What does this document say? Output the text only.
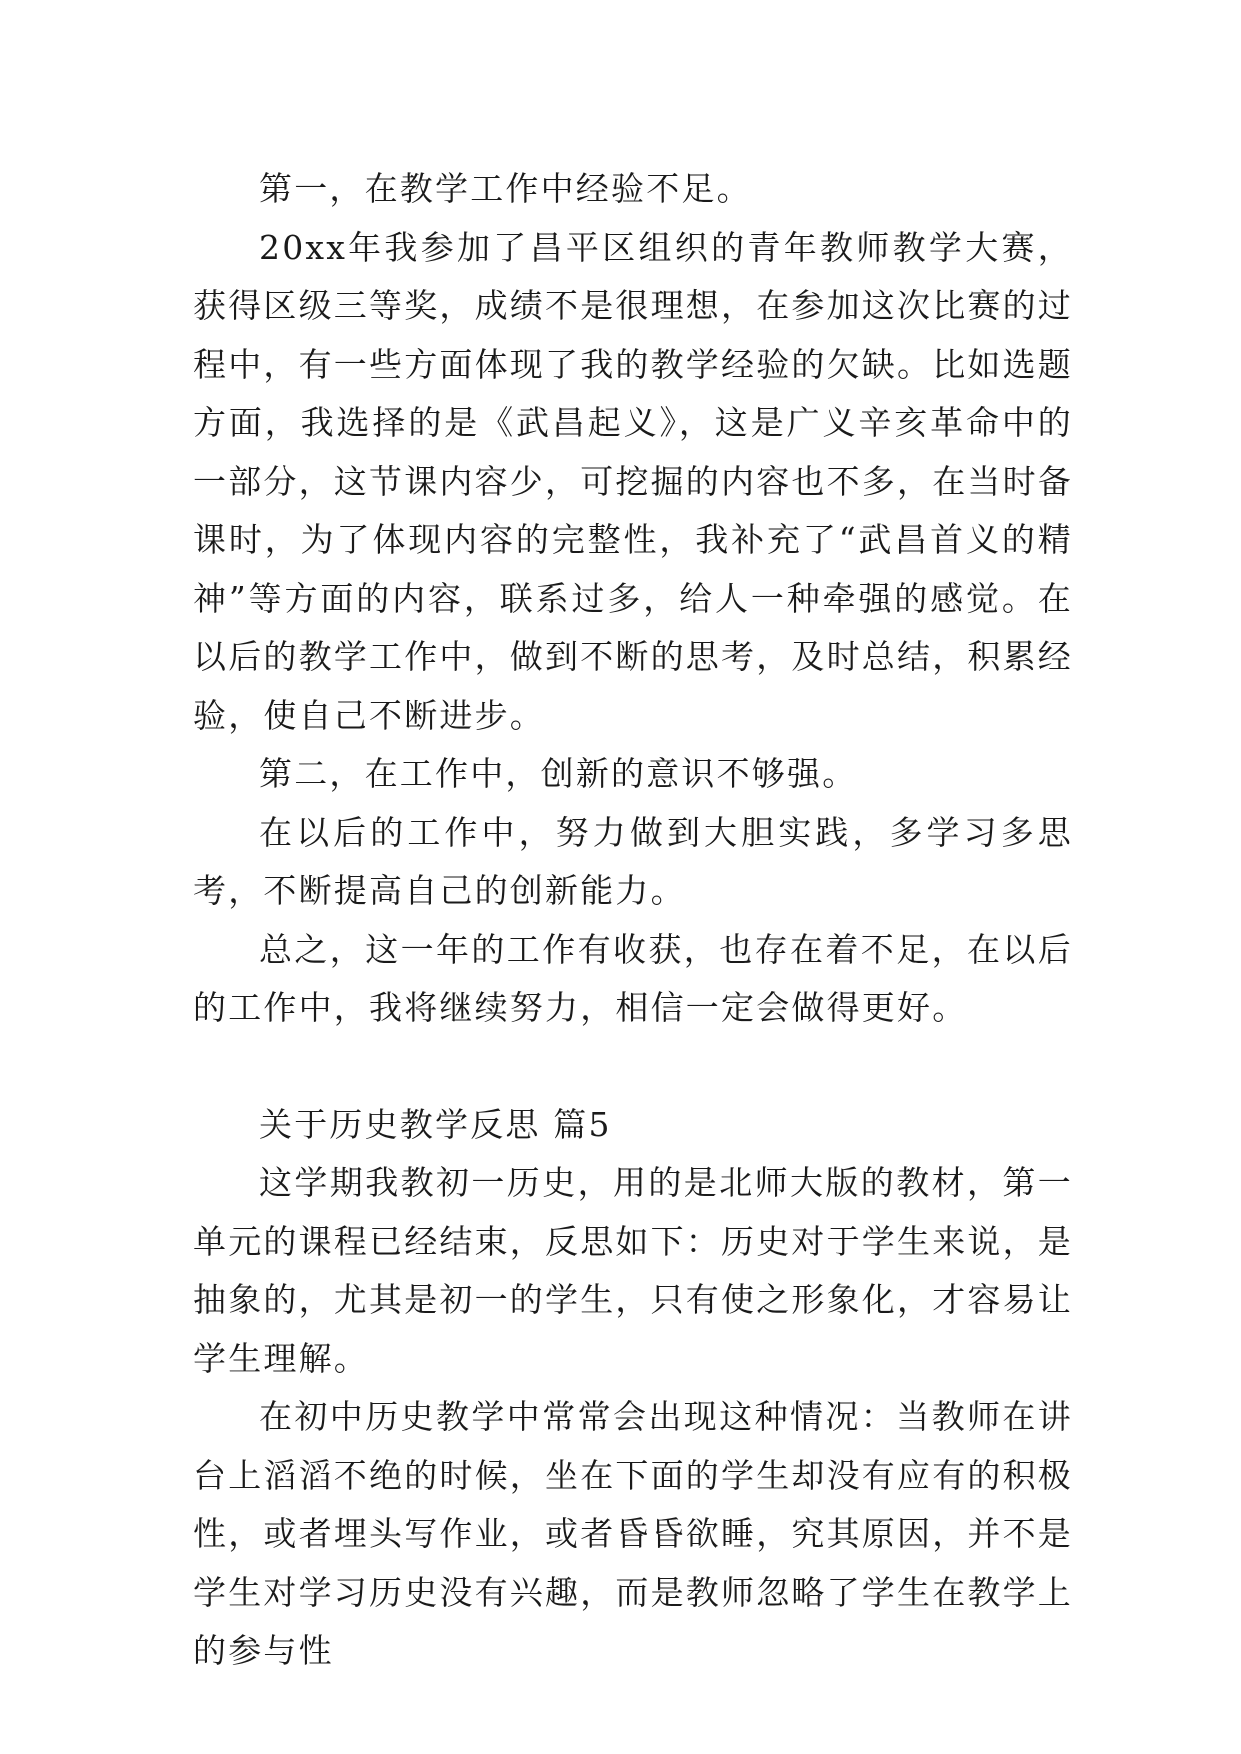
第一，在教学工作中经验不足。

20xx年我参加了昌平区组织的青年教师教学大赛，获得区级三等奖，成绩不是很理想，在参加这次比赛的过程中，有一些方面体现了我的教学经验的欠缺。比如选题方面，我选择的是《武昌起义》，这是广义辛亥革命中的一部分，这节课内容少，可挖掘的内容也不多，在当时备课时，为了体现内容的完整性，我补充了“武昌首义的精神”等方面的内容，联系过多，给人一种牵强的感觉。在以后的教学工作中，做到不断的思考，及时总结，积累经验，使自己不断进步。

第二，在工作中，创新的意识不够强。

在以后的工作中，努力做到大胆实践，多学习多思考，不断提高自己的创新能力。

总之，这一年的工作有收获，也存在着不足，在以后的工作中，我将继续努力，相信一定会做得更好。

关于历史教学反思 篇5

这学期我教初一历史，用的是北师大版的教材，第一单元的课程已经结束，反思如下：历史对于学生来说，是抽象的，尤其是初一的学生，只有使之形象化，才容易让学生理解。

在初中历史教学中常常会出现这种情况：当教师在讲台上滔滔不绝的时候，坐在下面的学生却没有应有的积极性，或者埋头写作业，或者昏昏欲睡，究其原因，并不是学生对学习历史没有兴趣，而是教师忽略了学生在教学上的参与性
